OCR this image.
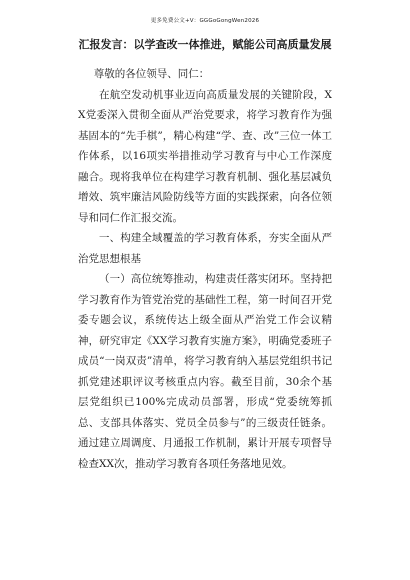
更多免费公文+V：GGGoGongWen2026
汇报发言：以学查改一体推进，赋能公司高质量发展

尊敬的各位领导、同仁：

在航空发动机事业迈向高质量发展的关键阶段，XX党委深入贯彻全面从严治党要求，将学习教育作为强基固本的“先手棋”，精心构建“学、查、改”三位一体工作体系，以16项实举措推动学习教育与中心工作深度融合。现将我单位在构建学习教育机制、强化基层减负增效、筑牢廉洁风险防线等方面的实践探索，向各位领导和同仁作汇报交流。

一、构建全域覆盖的学习教育体系，夯实全面从严治党思想根基

（一）高位统筹推动，构建责任落实闭环。坚持把学习教育作为管党治党的基础性工程，第一时间召开党委专题会议，系统传达上级全面从严治党工作会议精神，研究审定《XX学习教育实施方案》，明确党委班子成员“一岗双责”清单，将学习教育纳入基层党组织书记抓党建述职评议考核重点内容。截至目前，30余个基层党组织已100%完成动员部署，形成“党委统筹抓总、支部具体落实、党员全员参与”的三级责任链条。通过建立周调度、月通报工作机制，累计开展专项督导检查XX次，推动学习教育各项任务落地见效。
